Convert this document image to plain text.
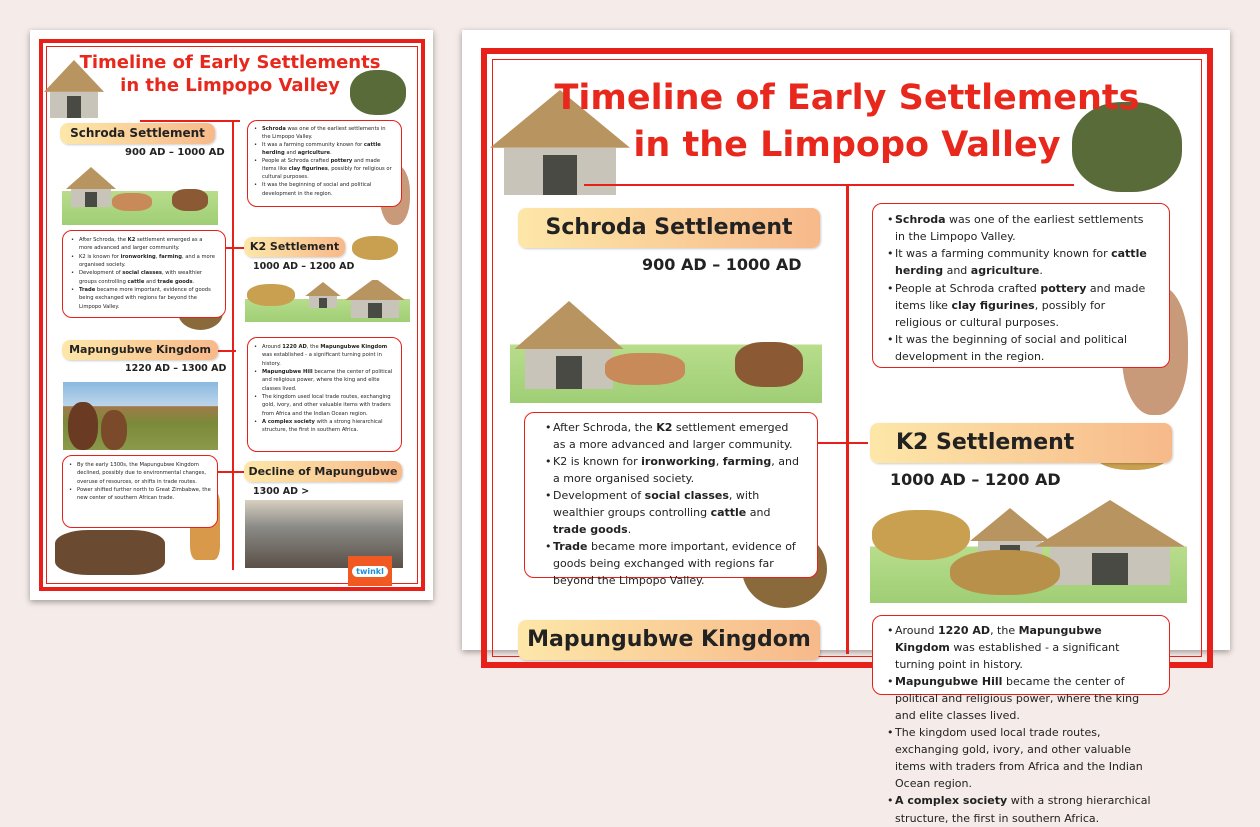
Timeline of Early Settlements
in the Limpopo Valley
Schroda Settlement
900 AD – 1000 AD
• Schroda was one of the earliest settlements in the Limpopo Valley.
• It was a farming community known for cattle herding and agriculture.
• People at Schroda crafted pottery and made items like clay figurines, possibly for religious or cultural purposes.
• It was the beginning of social and political development in the region.
• After Schroda, the K2 settlement emerged as a more advanced and larger community.
• K2 is known for ironworking, farming, and a more organised society.
• Development of social classes, with wealthier groups controlling cattle and trade goods.
• Trade became more important, evidence of goods being exchanged with regions far beyond the Limpopo Valley.
K2 Settlement
1000 AD – 1200 AD
Mapungubwe Kingdom
1220 AD – 1300 AD
• Around 1220 AD, the Mapungubwe Kingdom was established - a significant turning point in history.
• Mapungubwe Hill became the center of political and religious power, where the king and elite classes lived.
• The kingdom used local trade routes, exchanging gold, ivory, and other valuable items with traders from Africa and the Indian Ocean region.
• A complex society with a strong hierarchical structure, the first in southern Africa.
• By the early 1300s, the Mapungubwe Kingdom declined, possibly due to environmental changes, overuse of resources, or shifts in trade routes.
• Power shifted further north to Great Zimbabwe, the new center of southern African trade.
Decline of Mapungubwe
1300 AD >
twinkl
Timeline of Early Settlements
in the Limpopo Valley
Schroda Settlement
900 AD – 1000 AD
• Schroda was one of the earliest settlements in the Limpopo Valley.
• It was a farming community known for cattle herding and agriculture.
• People at Schroda crafted pottery and made items like clay figurines, possibly for religious or cultural purposes.
• It was the beginning of social and political development in the region.
• After Schroda, the K2 settlement emerged as a more advanced and larger community.
• K2 is known for ironworking, farming, and a more organised society.
• Development of social classes, with wealthier groups controlling cattle and trade goods.
• Trade became more important, evidence of goods being exchanged with regions far beyond the Limpopo Valley.
K2 Settlement
1000 AD – 1200 AD
Mapungubwe Kingdom	• Around 1220 AD, the Mapungubwe Kingdom was established - a significant turning point in history.
• Mapungubwe Hill became the center of political and religious power, where the king and elite classes lived.
• The kingdom used local trade routes, exchanging gold, ivory, and other valuable items with traders from Africa and the Indian Ocean region.
• A complex society with a strong hierarchical structure, the first in southern Africa.
